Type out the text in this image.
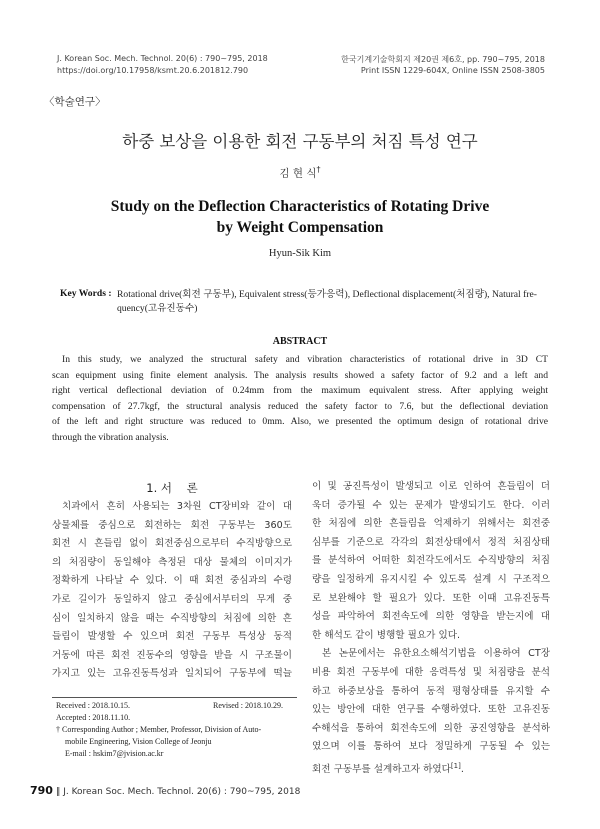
J. Korean Soc. Mech. Technol. 20(6) : 790~795, 2018
https://doi.org/10.17958/ksmt.20.6.201812.790
한국기계기술학회지 제20권 제6호, pp. 790~795, 2018
Print ISSN 1229-604X, Online ISSN 2508-3805
〈학술연구〉
하중 보상을 이용한 회전 구동부의 처짐 특성 연구
김 현 식†
Study on the Deflection Characteristics of Rotating Drive
by Weight Compensation
Hyun-Sik Kim
Key Words : Rotational drive(회전 구동부), Equivalent stress(등가응력), Deflectional displacement(처짐량), Natural fre-
quency(고유진동수)
ABSTRACT
In this study, we analyzed the structural safety and vibration characteristics of rotational drive in 3D CT
scan equipment using finite element analysis. The analysis results showed a safety factor of 9.2 and a left and
right vertical deflectional deviation of 0.24mm from the maximum equivalent stress. After applying weight
compensation of 27.7kgf, the structural analysis reduced the safety factor to 7.6, but the deflectional deviation
of the left and right structure was reduced to 0mm. Also, we presented the optimum design of rotational drive
through the vibration analysis.
1. 서    론
치과에서 흔히 사용되는 3차원 CT장비와 같이 대
상물체를 중심으로 회전하는 회전 구동부는 360도
회전 시 흔들림 없이 회전중심으로부터 수직방향으로
의 처짐량이 동일해야 측정된 대상 물체의 이미지가
정확하게 나타날 수 있다. 이 때 회전 중심과의 수령
가로 길이가 동일하지 않고 중심에서부터의 무게 중
심이 일치하지 않을 때는 수직방향의 처짐에 의한 흔
들림이 발생할 수 있으며 회전 구동부 특성상 동적
거동에 따른 회전 진동수의 영향을 받을 시 구조물이
가지고 있는 고유진동특성과 일치되어 구동부에 떡늘
이 및 공진특성이 발생되고 이로 인하여 흔들림이 더
욱더 증가될 수 있는 문제가 발생되기도 한다. 이러
한 처짐에 의한 흔들림을 억제하기 위해서는 회전중
심부를 기준으로 각각의 회전상태에서 정적 처짐상태
를 분석하여 어떠한 회전각도에서도 수직방향의 처짐
량을 일정하게 유지시킬 수 있도록 설계 시 구조적으
로 보완해야 할 필요가 있다. 또한 이때 고유진동특
성을 파악하여 회전속도에 의한 영향을 받는지에 대
한 해석도 같이 병행할 필요가 있다.
본 논문에서는 유한요소해석기법을 이용하여 CT장
비용 회전 구동부에 대한 응력특성 및 처짐량을 분석
하고 하중보상을 통하여 동적 평형상태를 유지할 수
있는 방안에 대한 연구를 수행하였다. 또한 고유진동
수해석을 통하여 회전속도에 의한 공진영향을 분석하
였으며 이를 통하여 보다 정밀하게 구동될 수 있는
회전 구동부를 설계하고자 하였다[1].
Received : 2018.10.15.	Revised : 2018.10.29.
Accepted : 2018.11.10.
† Corresponding Author ; Member, Professor, Division of Auto-
mobile Engineering, Vision College of Jeonju
E-mail : hskim7@jvision.ac.kr
790 ‖ J. Korean Soc. Mech. Technol. 20(6) : 790~795, 2018
